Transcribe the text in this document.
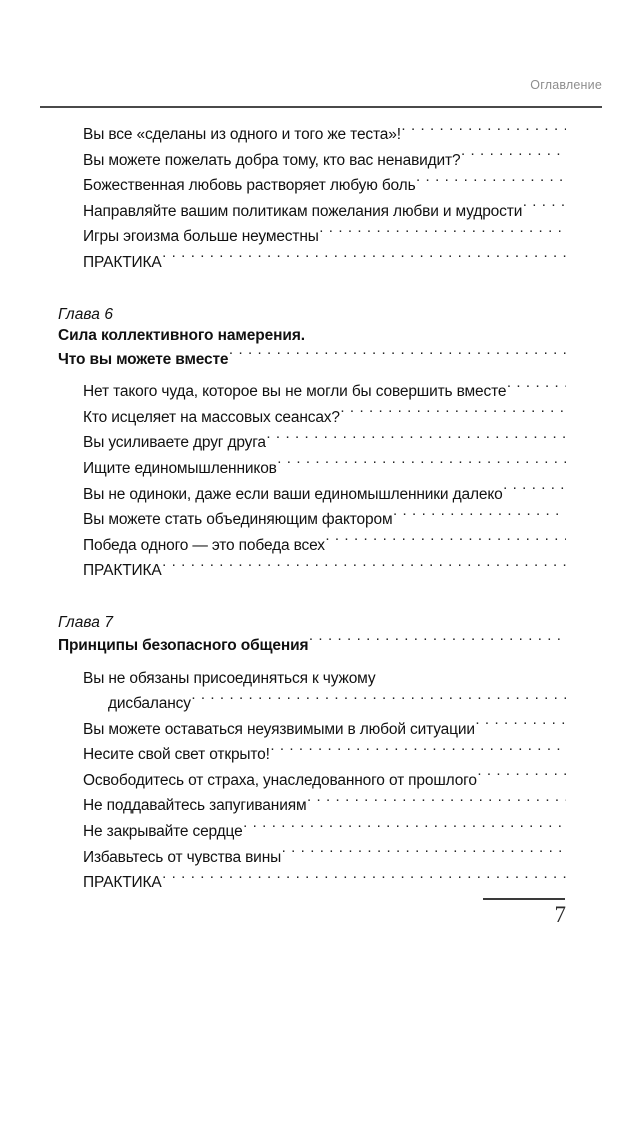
Оглавление
Вы все «сделаны из одного и того же теста»!
. . .
Вы можете пожелать добра тому, кто вас ненавидит?
. . .
Божественная любовь растворяет любую боль
. . .
Направляйте вашим политикам пожелания любви и мудрости
. . .
Игры эгоизма больше неуместны
. . .
ПРАКТИКА
. . .
Глава 6
Сила коллективного намерения.
Что вы можете вместе
. . .
Нет такого чуда, которое вы не могли бы совершить вместе
. . .
Кто исцеляет на массовых сеансах?
. . .
Вы усиливаете друг друга
. . .
Ищите единомышленников
. . .
Вы не одиноки, даже если ваши единомышленники далеко
. . .
Вы можете стать объединяющим фактором
. . .
Победа одного — это победа всех
. . .
ПРАКТИКА
. . .
Глава 7
Принципы безопасного общения
. . .
Вы не обязаны присоединяться к чужому
дисбалансу
. . .
Вы можете оставаться неуязвимыми в любой ситуации
. . .
Несите свой свет открыто!
. . .
Освободитесь от страха, унаследованного от прошлого
. . .
Не поддавайтесь запугиваниям
. . .
Не закрывайте сердце
. . .
Избавьтесь от чувства вины
. . .
ПРАКТИКА
. . .
7
